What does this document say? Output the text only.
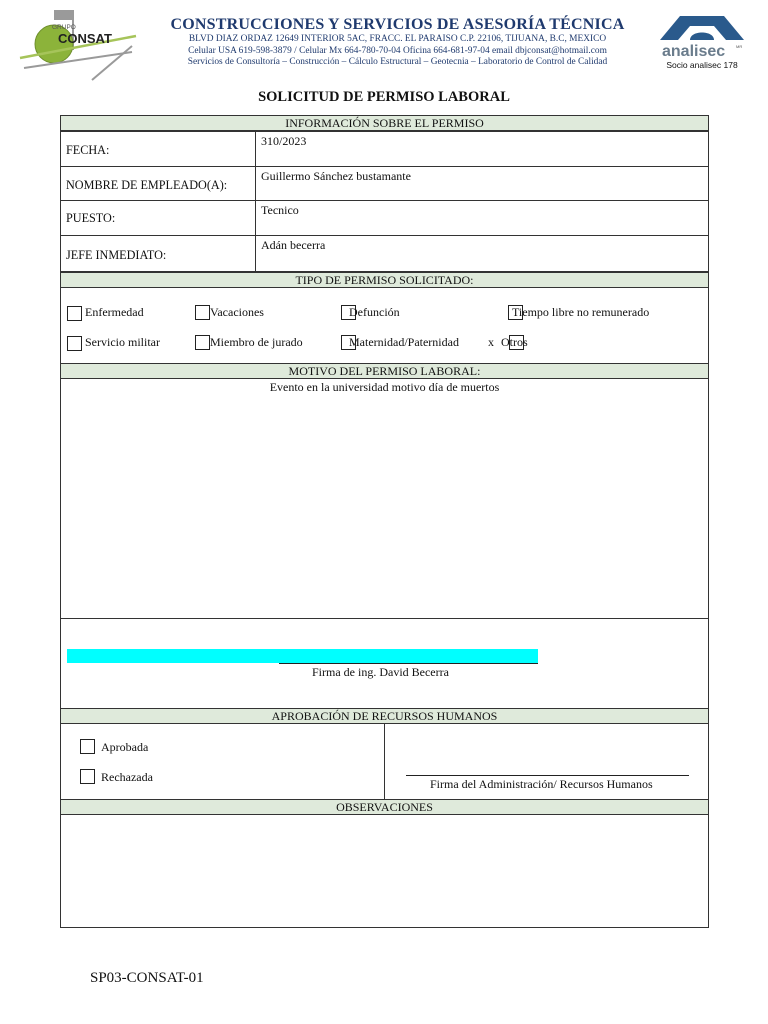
GRUPO
CONSAT
CONSTRUCCIONES Y SERVICIOS DE ASESORÍA TÉCNICA
BLVD DIAZ ORDAZ 12649 INTERIOR 5AC, FRACC. EL PARAISO C.P. 22106, TIJUANA, B.C, MEXICO
Celular USA 619-598-3879 / Celular Mx 664-780-70-04 Oficina 664-681-97-04 email dbjconsat@hotmail.com
Servicios de Consultoría – Construcción – Cálculo Estructural – Geotecnia – Laboratorio de Control de Calidad
analisec	MR
Socio analisec 178
SOLICITUD DE PERMISO LABORAL
INFORMACIÓN SOBRE EL PERMISO
FECHA:
310/2023
NOMBRE DE EMPLEADO(A):
Guillermo Sánchez bustamante
PUESTO:
Tecnico
JEFE INMEDIATO:
Adán becerra
TIPO DE PERMISO SOLICITADO:
Enfermedad	Vacaciones	Defunción	Tiempo libre no remunerado
Servicio militar	Miembro de jurado	Maternidad/Paternidad x Otros
MOTIVO DEL PERMISO LABORAL:
Evento en la universidad motivo día de muertos
Firma de ing. David Becerra
APROBACIÓN DE RECURSOS HUMANOS
Aprobada
Rechazada	Firma del Administración/ Recursos Humanos
OBSERVACIONES
SP03-CONSAT-01
